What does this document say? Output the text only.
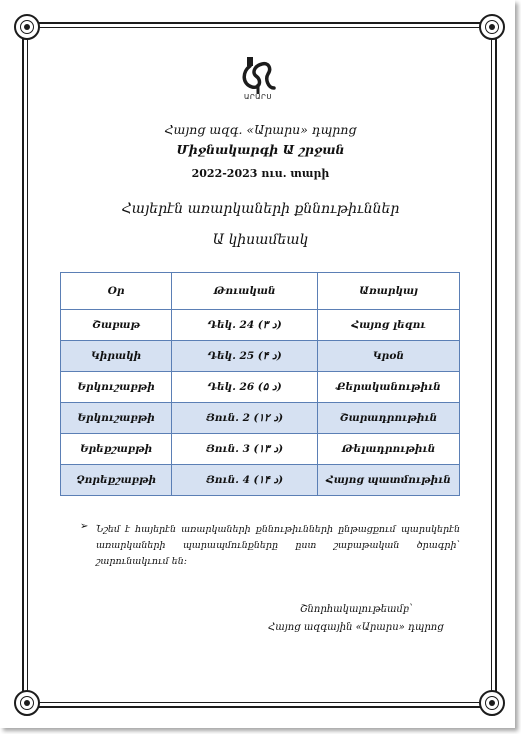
ԱՐԱՐՍ
Հայոց ազգ. «Արարս» դպրոց
Միջնակարգի Ա շրջան
2022-2023 ուս. տարի
Հայերէն առարկաների քննութիւններ
Ա կիսամեակ
Օր	Թուական	Առարկայ
Շաբաթ	Դեկ. 24 (د ۳)	Հայոց լեզու
Կիրակի	Դեկ. 25 (د ۴)	Կրօն
Երկուշաբթի	Դեկ. 26 (د ۵)	Քերականութիւն
Երկուշաբթի	Յուն. 2 (د ۱۲)	Շարադրութիւն
Երեքշաբթի	Յուն. 3 (د ۱۳)	Թելադրութիւն
Չորեքշաբթի	Յուն. 4 (د ۱۴)	Հայոց պատմութիւն
Նշեմ է հայերէն առարկաների քննութիւնների ընթացքում պարսկերէն առարկաների պարապմունքները ըստ շաբաթական ծրագրի՝ շարունակւում են։
➢
Շնորհակալութեամբ՝
Հայոց ազգային «Արարս» դպրոց
